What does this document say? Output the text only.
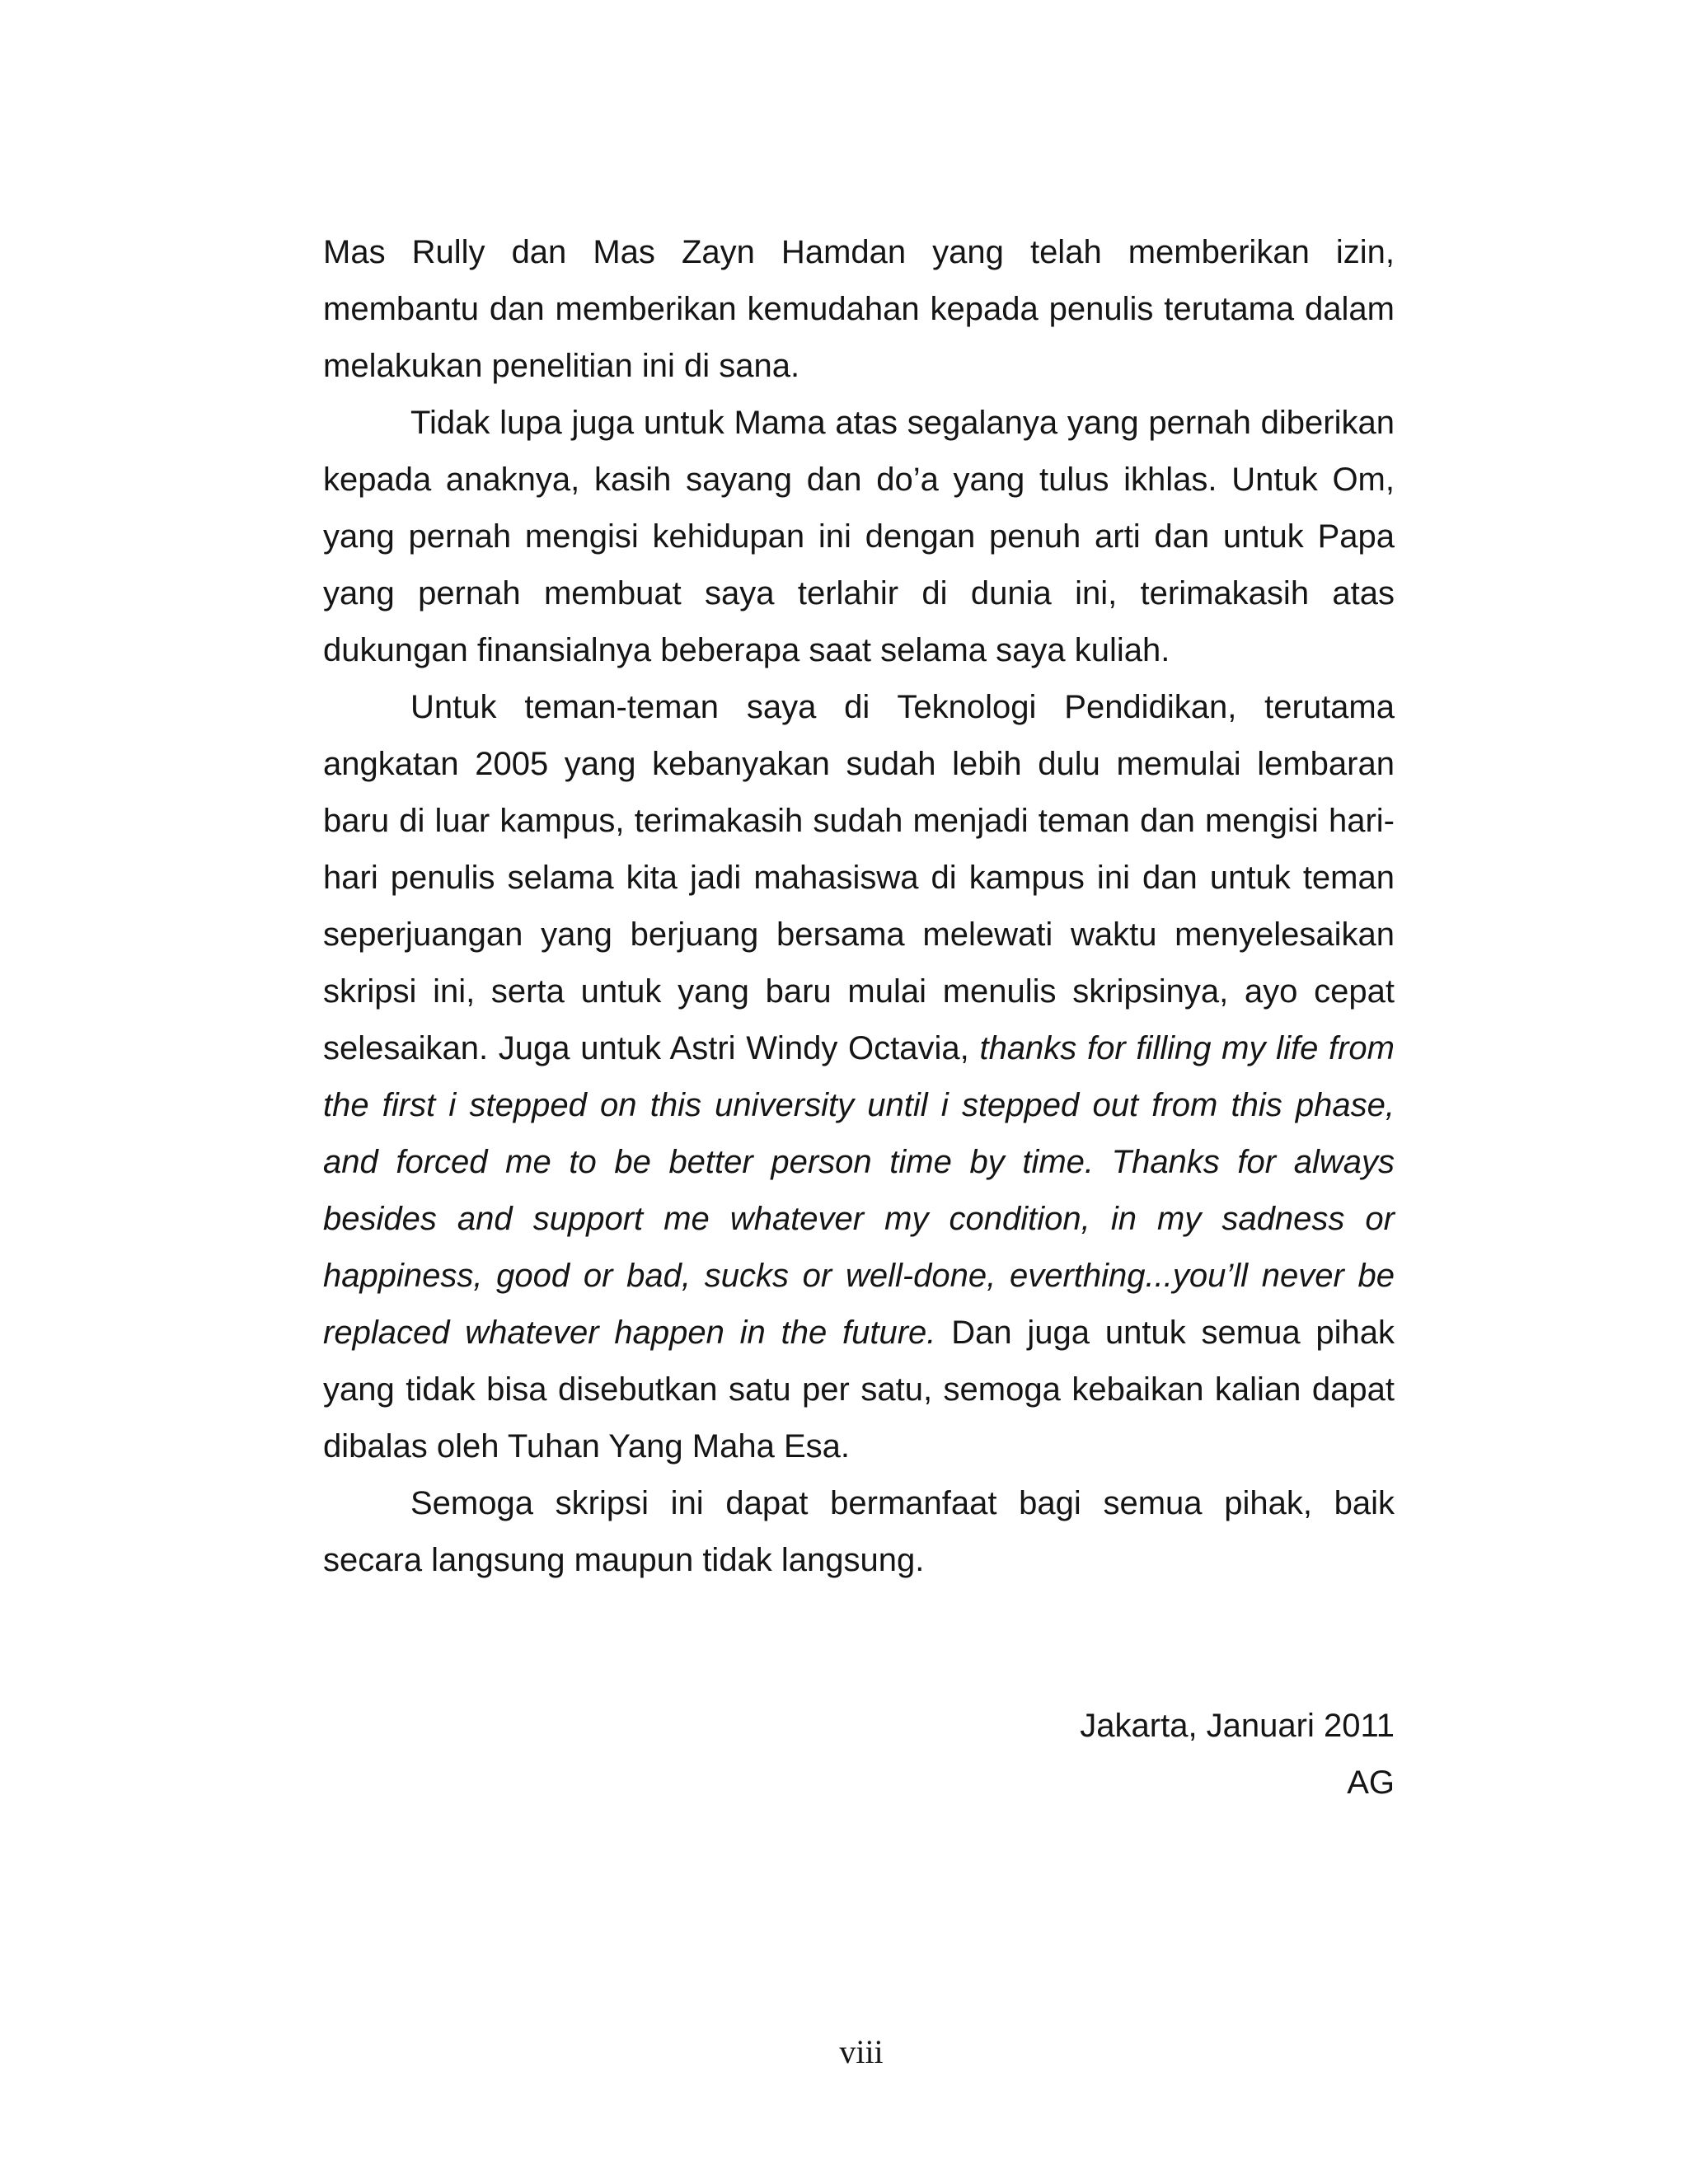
Mas Rully dan Mas Zayn Hamdan yang telah memberikan izin, membantu dan memberikan kemudahan kepada penulis terutama dalam melakukan penelitian ini di sana.

Tidak lupa juga untuk Mama atas segalanya yang pernah diberikan kepada anaknya, kasih sayang dan do’a yang tulus ikhlas. Untuk Om, yang pernah mengisi kehidupan ini dengan penuh arti dan untuk Papa yang pernah membuat saya terlahir di dunia ini, terimakasih atas dukungan finansialnya beberapa saat selama saya kuliah.

Untuk teman-teman saya di Teknologi Pendidikan, terutama angkatan 2005 yang kebanyakan sudah lebih dulu memulai lembaran baru di luar kampus, terimakasih sudah menjadi teman dan mengisi hari-hari penulis selama kita jadi mahasiswa di kampus ini dan untuk teman seperjuangan yang berjuang bersama melewati waktu menyelesaikan skripsi ini, serta untuk yang baru mulai menulis skripsinya, ayo cepat selesaikan. Juga untuk Astri Windy Octavia, thanks for filling my life from the first i stepped on this university until i stepped out from this phase, and forced me to be better person time by time. Thanks for always besides and support me whatever my condition, in my sadness or happiness, good or bad, sucks or well-done, everthing...you’ll never be replaced whatever happen in the future. Dan juga untuk semua pihak yang tidak bisa disebutkan satu per satu, semoga kebaikan kalian dapat dibalas oleh Tuhan Yang Maha Esa.

Semoga skripsi ini dapat bermanfaat bagi semua pihak, baik secara langsung maupun tidak langsung.

Jakarta, Januari 2011
AG
viii
